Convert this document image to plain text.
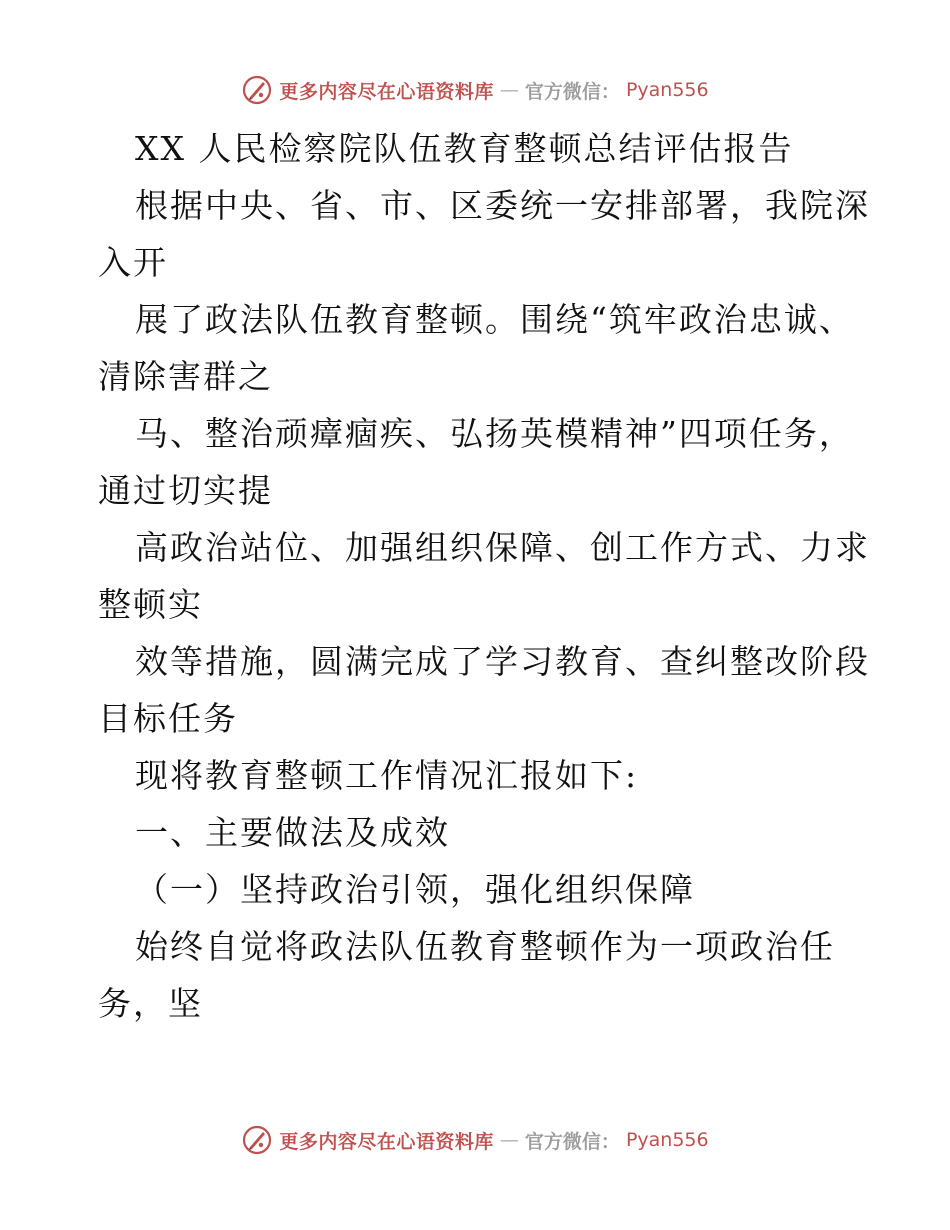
更多内容尽在心语资料库 — 官方微信： Pyan556
XX 人民检察院队伍教育整顿总结评估报告
根据中央、省、市、区委统一安排部署，我院深
入开
展了政法队伍教育整顿。围绕“筑牢政治忠诚、
清除害群之
马、整治顽瘴痼疾、弘扬英模精神”四项任务，
通过切实提
高政治站位、加强组织保障、创工作方式、力求
整顿实
效等措施，圆满完成了学习教育、查纠整改阶段
目标任务
现将教育整顿工作情况汇报如下:
一、主要做法及成效
（一）坚持政治引领，强化组织保障
始终自觉将政法队伍教育整顿作为一项政治任
务，坚
更多内容尽在心语资料库 — 官方微信： Pyan556
